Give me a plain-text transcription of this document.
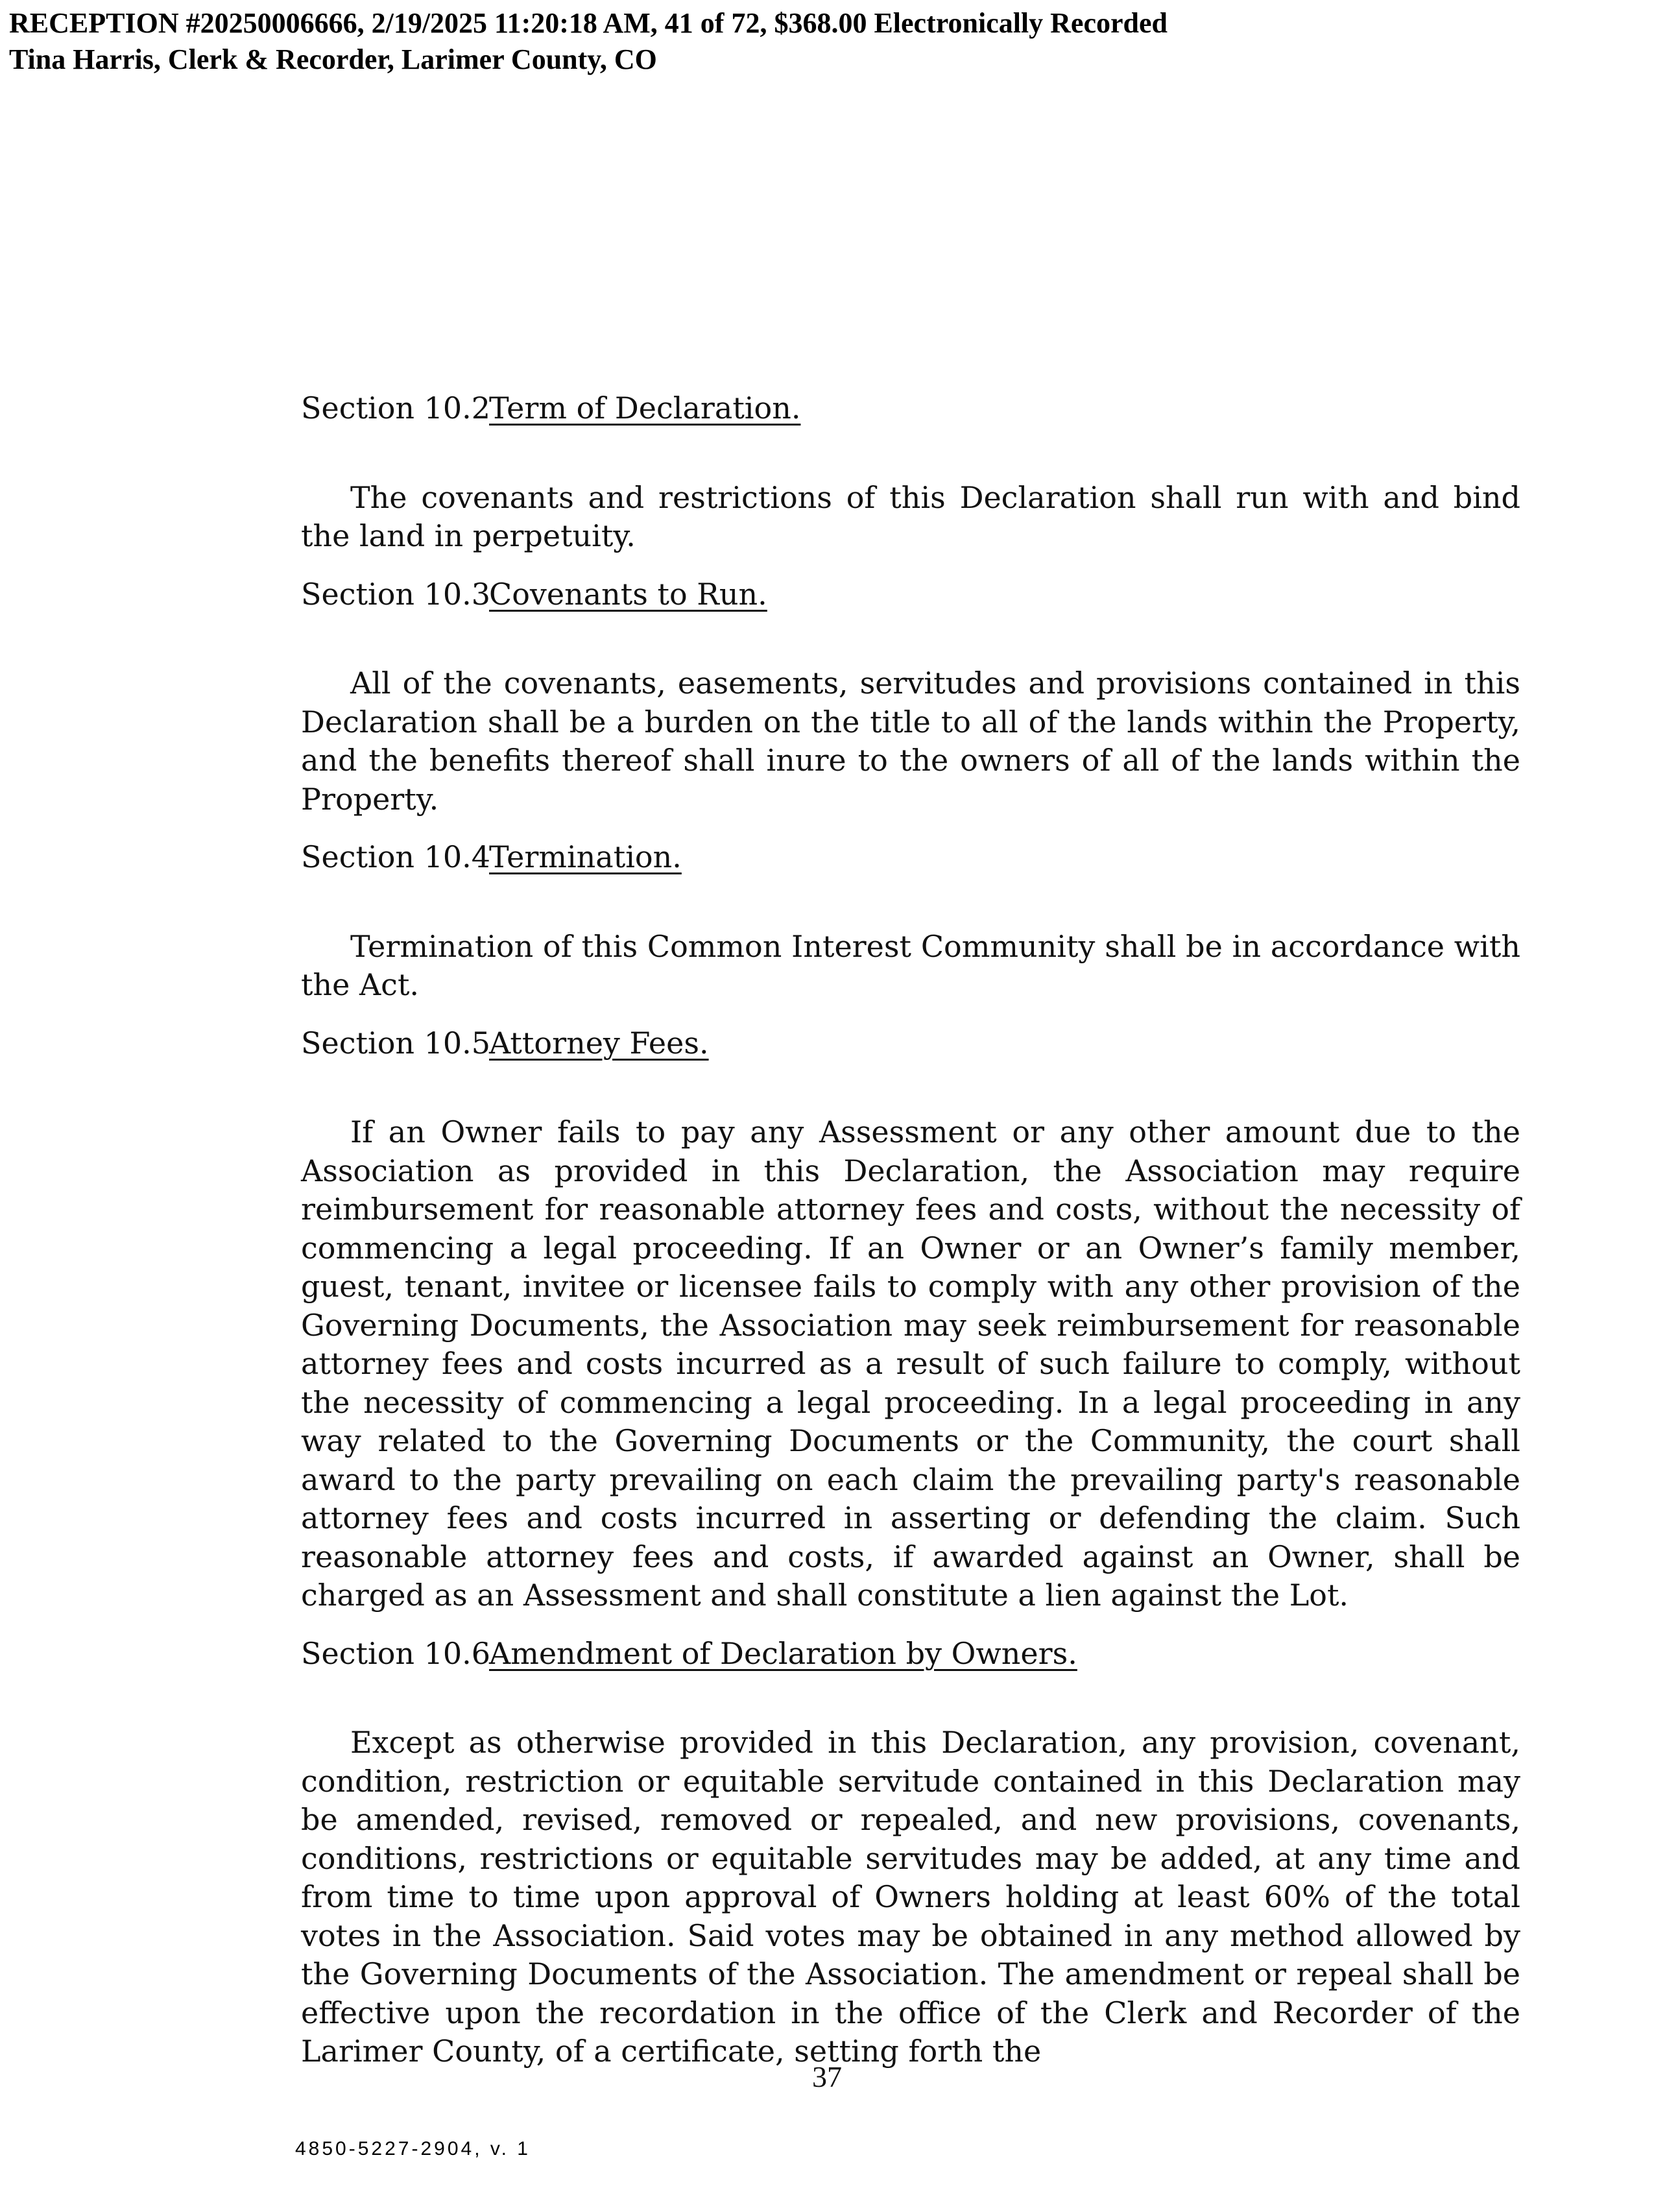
RECEPTION #20250006666, 2/19/2025 11:20:18 AM, 41 of 72, $368.00 Electronically Recorded
Tina Harris, Clerk & Recorder, Larimer County, CO

Section 10.2Term of Declaration.

The covenants and restrictions of this Declaration shall run with and bind the land in perpetuity.

Section 10.3Covenants to Run.

All of the covenants, easements, servitudes and provisions contained in this Declaration shall be a burden on the title to all of the lands within the Property, and the benefits thereof shall inure to the owners of all of the lands within the Property.

Section 10.4Termination.

Termination of this Common Interest Community shall be in accordance with the Act.

Section 10.5Attorney Fees.

If an Owner fails to pay any Assessment or any other amount due to the Association as provided in this Declaration, the Association may require reimbursement for reasonable attorney fees and costs, without the necessity of commencing a legal proceeding. If an Owner or an Owner’s family member, guest, tenant, invitee or licensee fails to comply with any other provision of the Governing Documents, the Association may seek reimbursement for reasonable attorney fees and costs incurred as a result of such failure to comply, without the necessity of commencing a legal proceeding. In a legal proceeding in any way related to the Governing Documents or the Community, the court shall award to the party prevailing on each claim the prevailing party's reasonable attorney fees and costs incurred in asserting or defending the claim. Such reasonable attorney fees and costs, if awarded against an Owner, shall be charged as an Assessment and shall constitute a lien against the Lot.

Section 10.6Amendment of Declaration by Owners.

Except as otherwise provided in this Declaration, any provision, covenant, condition, restriction or equitable servitude contained in this Declaration may be amended, revised, removed or repealed, and new provisions, covenants, conditions, restrictions or equitable servitudes may be added, at any time and from time to time upon approval of Owners holding at least 60% of the total votes in the Association. Said votes may be obtained in any method allowed by the Governing Documents of the Association. The amendment or repeal shall be effective upon the recordation in the office of the Clerk and Recorder of the Larimer County, of a certificate, setting forth the

37
4850-5227-2904, v. 1
